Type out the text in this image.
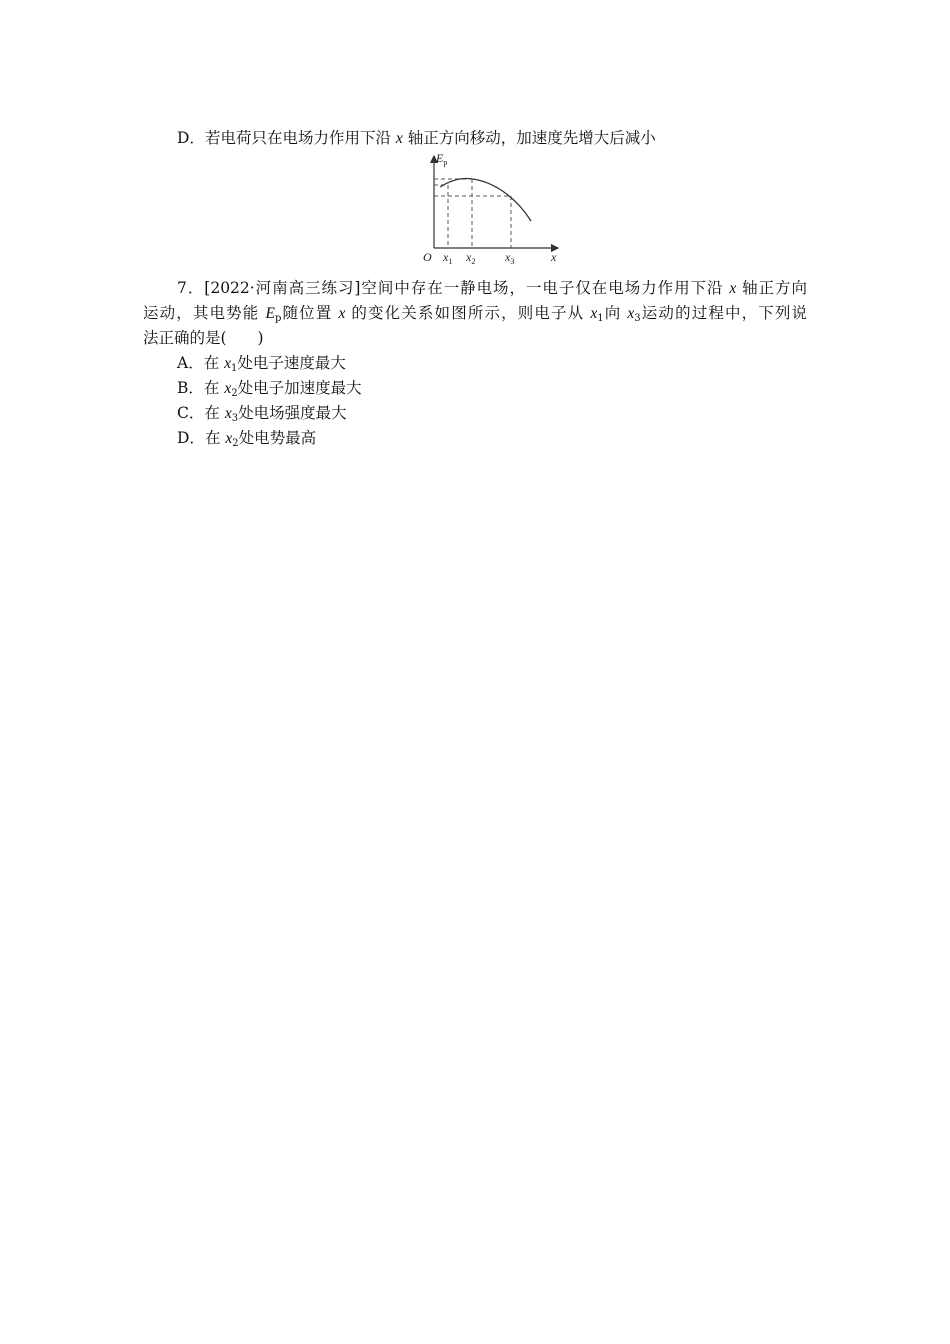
D．若电荷只在电场力作用下沿 x 轴正方向移动，加速度先增大后减小
$E_p$
x
O $x_1$ $x_2$ $x_3$
7．[2022·河南高三练习]空间中存在一静电场，一电子仅在电场力作用下沿 x 轴正方向
运动，其电势能 $E_p$随位置 x 的变化关系如图所示，则电子从 $x_1$向 $x_3$运动的过程中，下列说
法正确的是(　　)
A．在 $x_1$处电子速度最大
B．在 $x_2$处电子加速度最大
C．在 $x_3$处电场强度最大
D．在 $x_2$处电势最高
